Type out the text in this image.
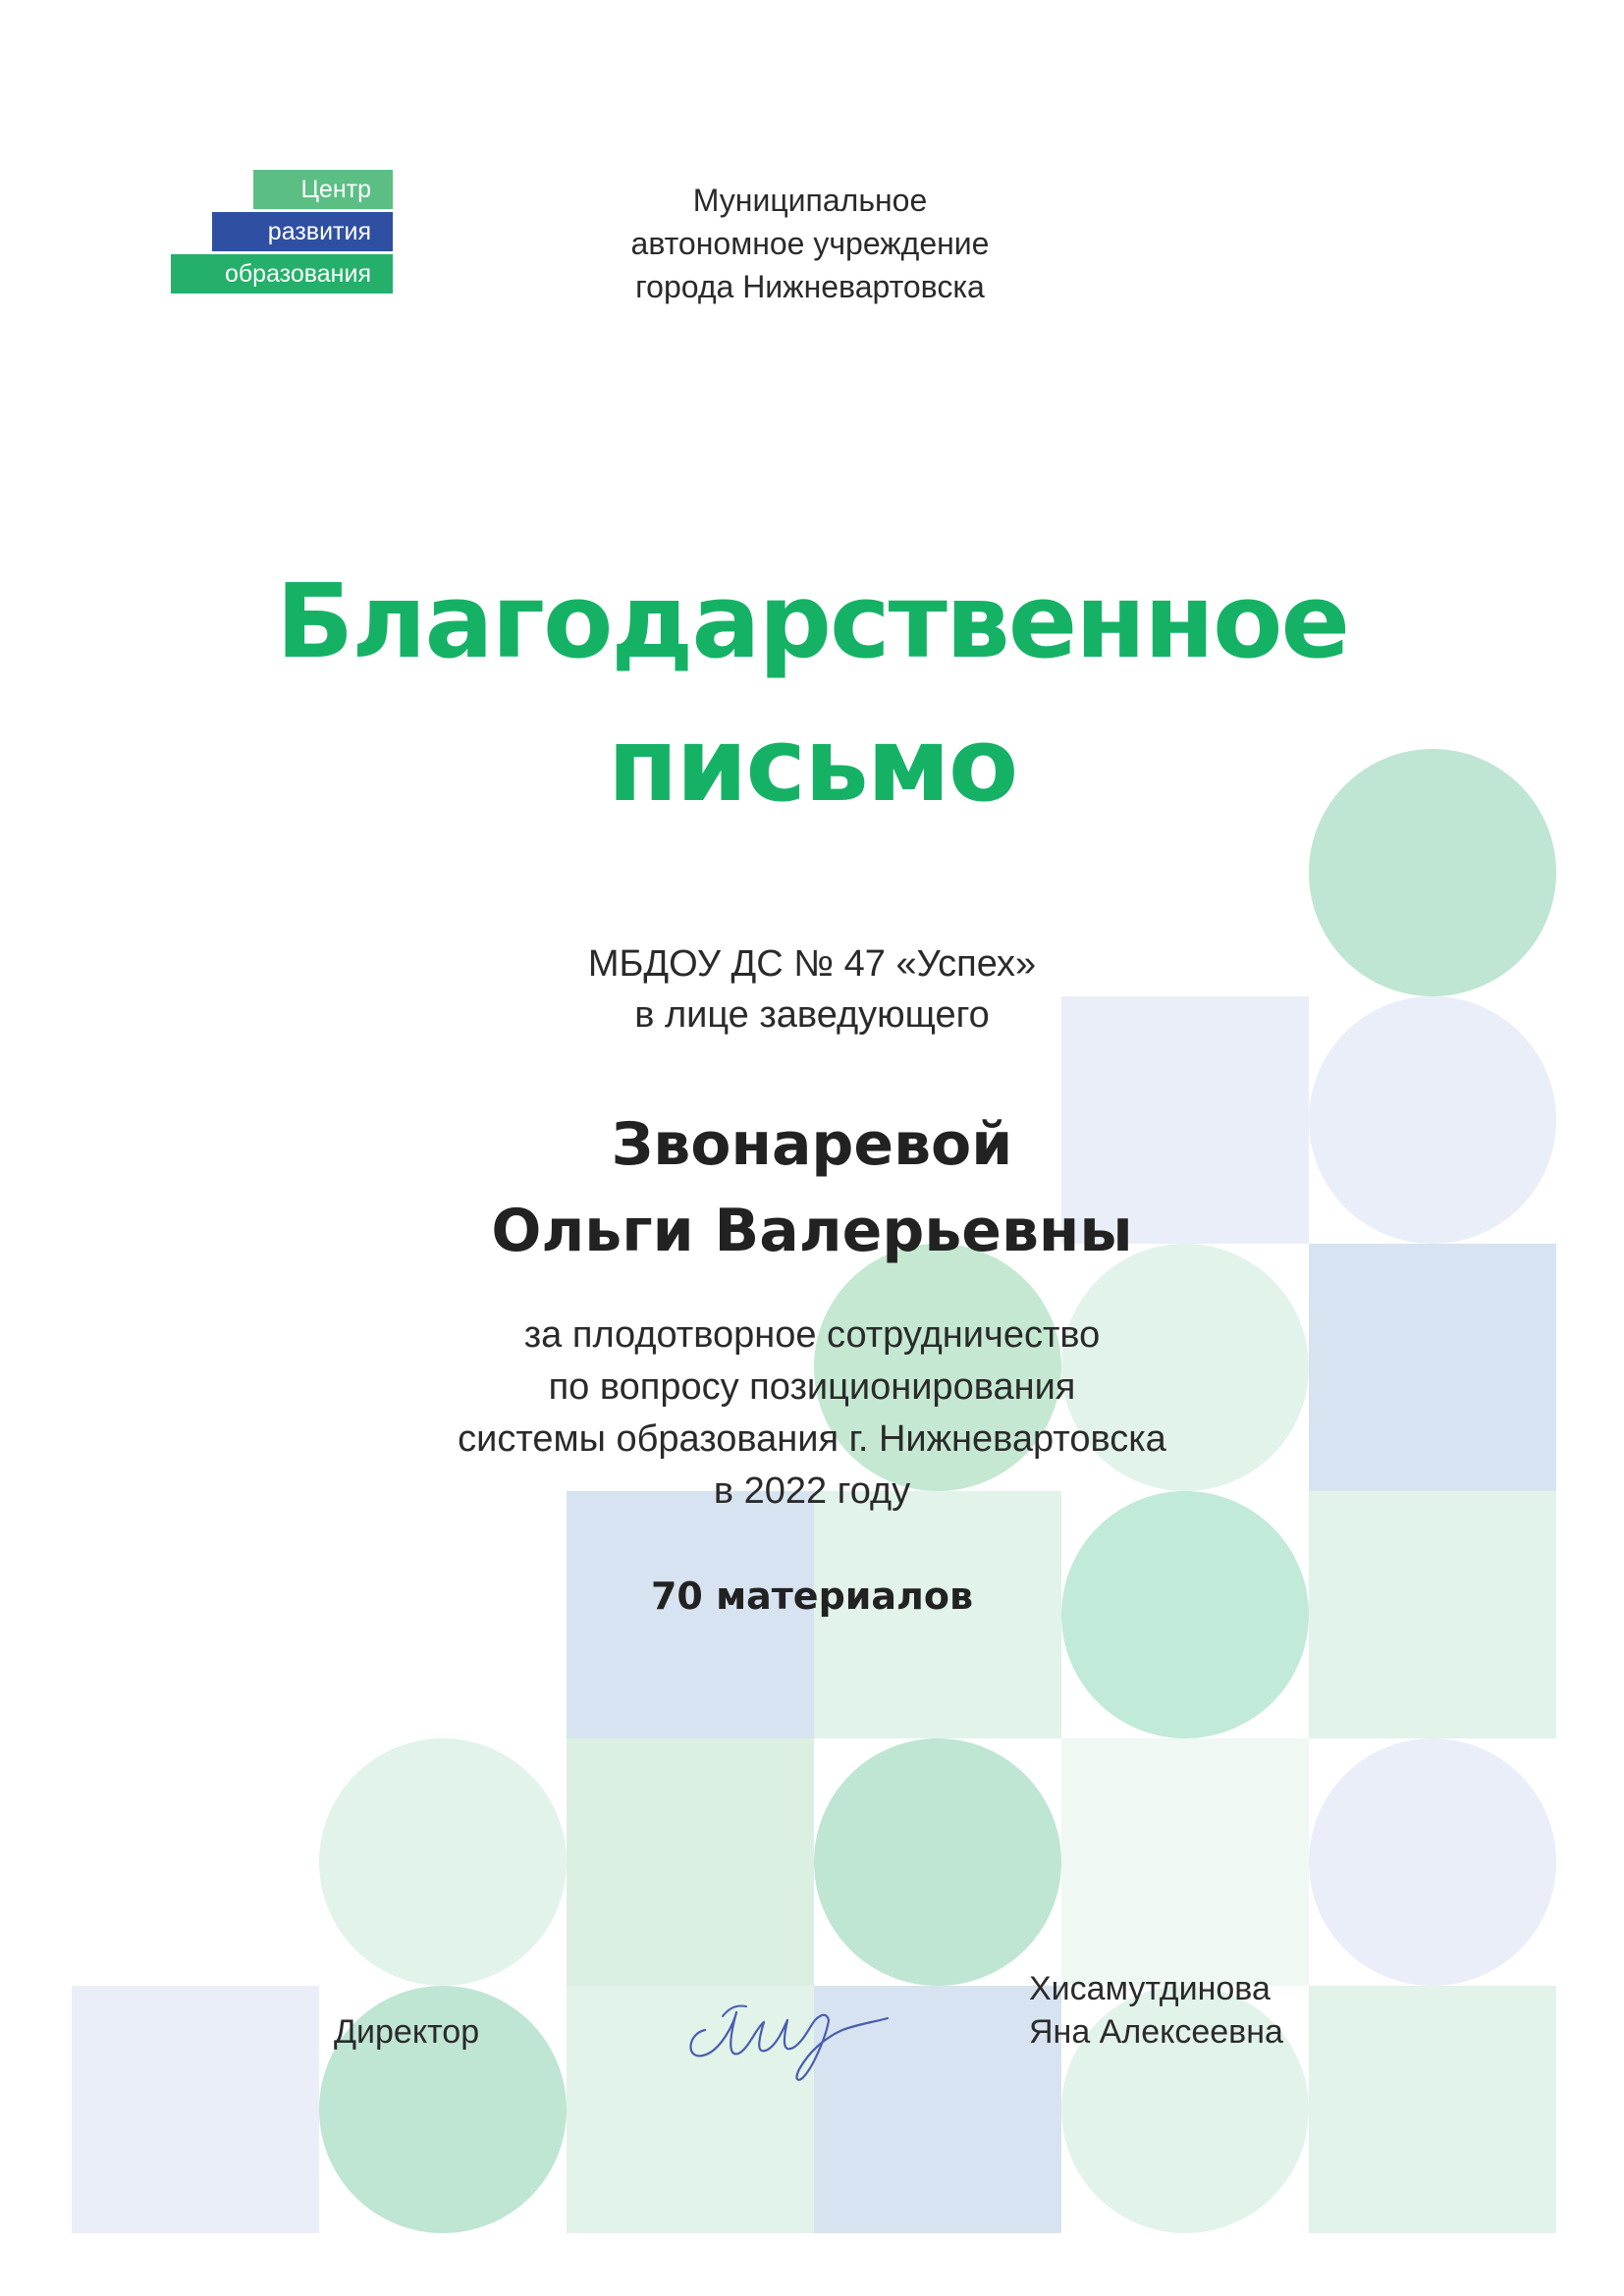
Центр
развития
образования
Муниципальное
автономное учреждение
города Нижневартовска
Благодарственное
письмо
МБДОУ ДС № 47 «Успех»
в лице заведующего
Звонаревой
Ольги Валерьевны
за плодотворное сотрудничество
по вопросу позиционирования
системы образования г. Нижневартовска
в 2022 году
70 материалов
Директор
Хисамутдинова
Яна Алексеевна
